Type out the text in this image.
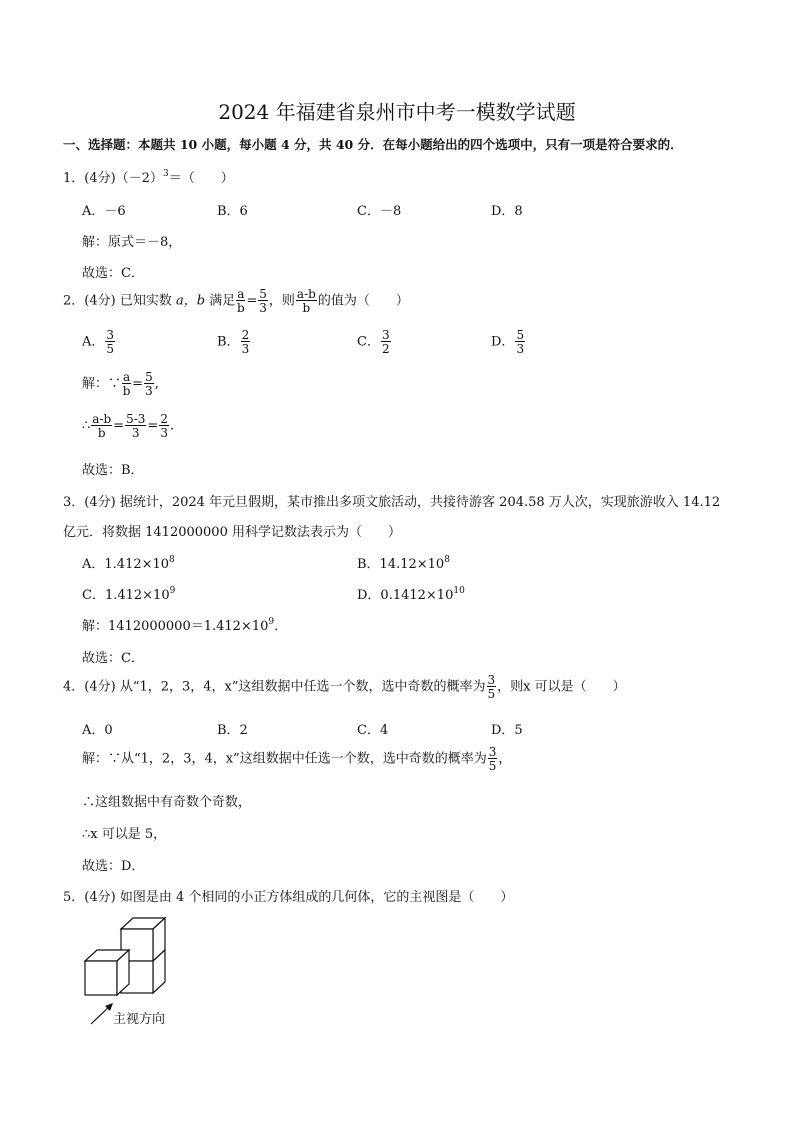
2024 年福建省泉州市中考一模数学试题
一、选择题：本题共 10 小题，每小题 4 分，共 40 分．在每小题给出的四个选项中，只有一项是符合要求的．
1．(4分)$(-2)^3=$（　　）
A．－6	B．6	C．－8	D．8
解：原式＝－8，
故选：C．
2．(4分) 已知实数 a，b 满足 $\frac{a}{b} = \frac{5}{3}$ ，则 $\frac{a-b}{b}$ 的值为（　　）
A． $\frac{3}{5}$	B． $\frac{2}{3}$	C． $\frac{3}{2}$	D． $\frac{5}{3}$
解：∵ $\frac{a}{b} = \frac{5}{3}$ ,
∴ $\frac{a-b}{b} = \frac{5-3}{3} = \frac{2}{3}$ .
故选：B．
3．(4分) 据统计，2024 年元旦假期，某市推出多项文旅活动，共接待游客 204.58 万人次，实现旅游收入 14.12
亿元．将数据 1412000000 用科学记数法表示为（　　）
A．$1.412\times 10^8$	B．$14.12\times 10^8$
C．$1.412\times 10^9$	D．$0.1412\times 10^{10}$
解：$1412000000=1.412\times 10^9$．
故选：C．
4．(4分) 从“1，2，3，4，x”这组数据中任选一个数，选中奇数的概率为 $\frac{3}{5}$ ，则x 可以是（　　）
A．0	B．2	C．4	D．5
解：∵从“1，2，3，4，x”这组数据中任选一个数，选中奇数的概率为 $\frac{3}{5}$ ，
∴这组数据中有奇数个奇数，
∴x 可以是 5，
故选：D．
5．(4分) 如图是由 4 个相同的小正方体组成的几何体，它的主视图是（　　）
主视方向
